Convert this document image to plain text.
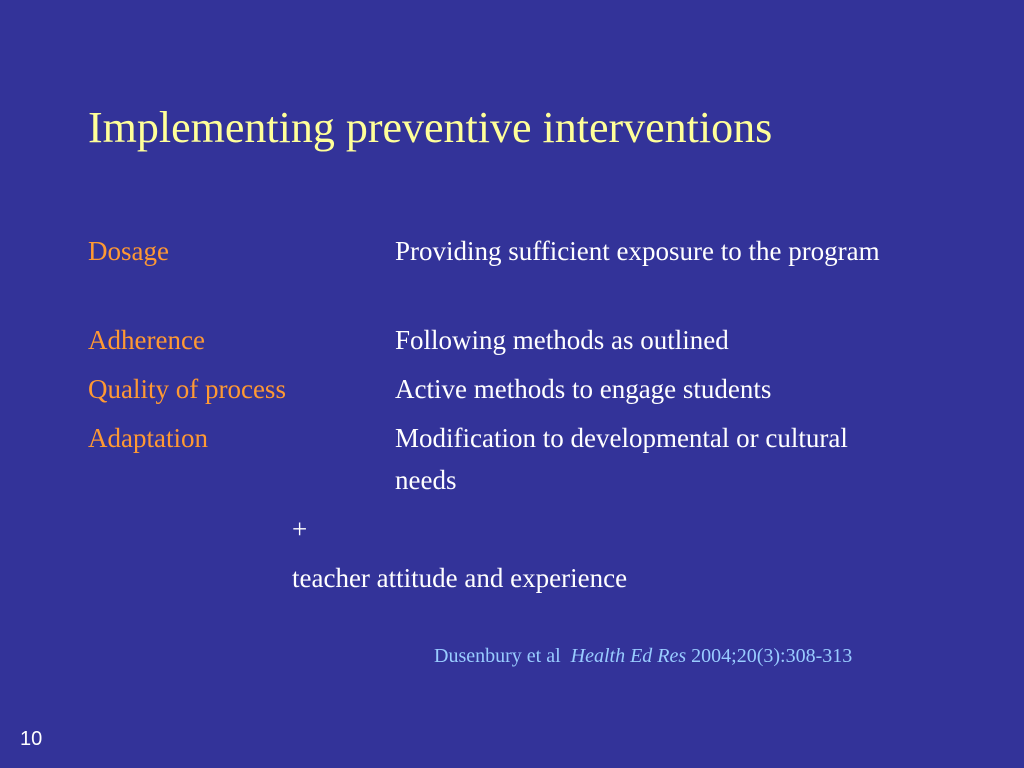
Implementing preventive interventions
Dosage	Providing sufficient exposure to the program
Adherence	Following methods as outlined
Quality of process	Active methods to engage students
Adaptation	Modification to developmental or cultural needs
+
teacher attitude and experience
Dusenbury et al Health Ed Res 2004;20(3):308-313
10
